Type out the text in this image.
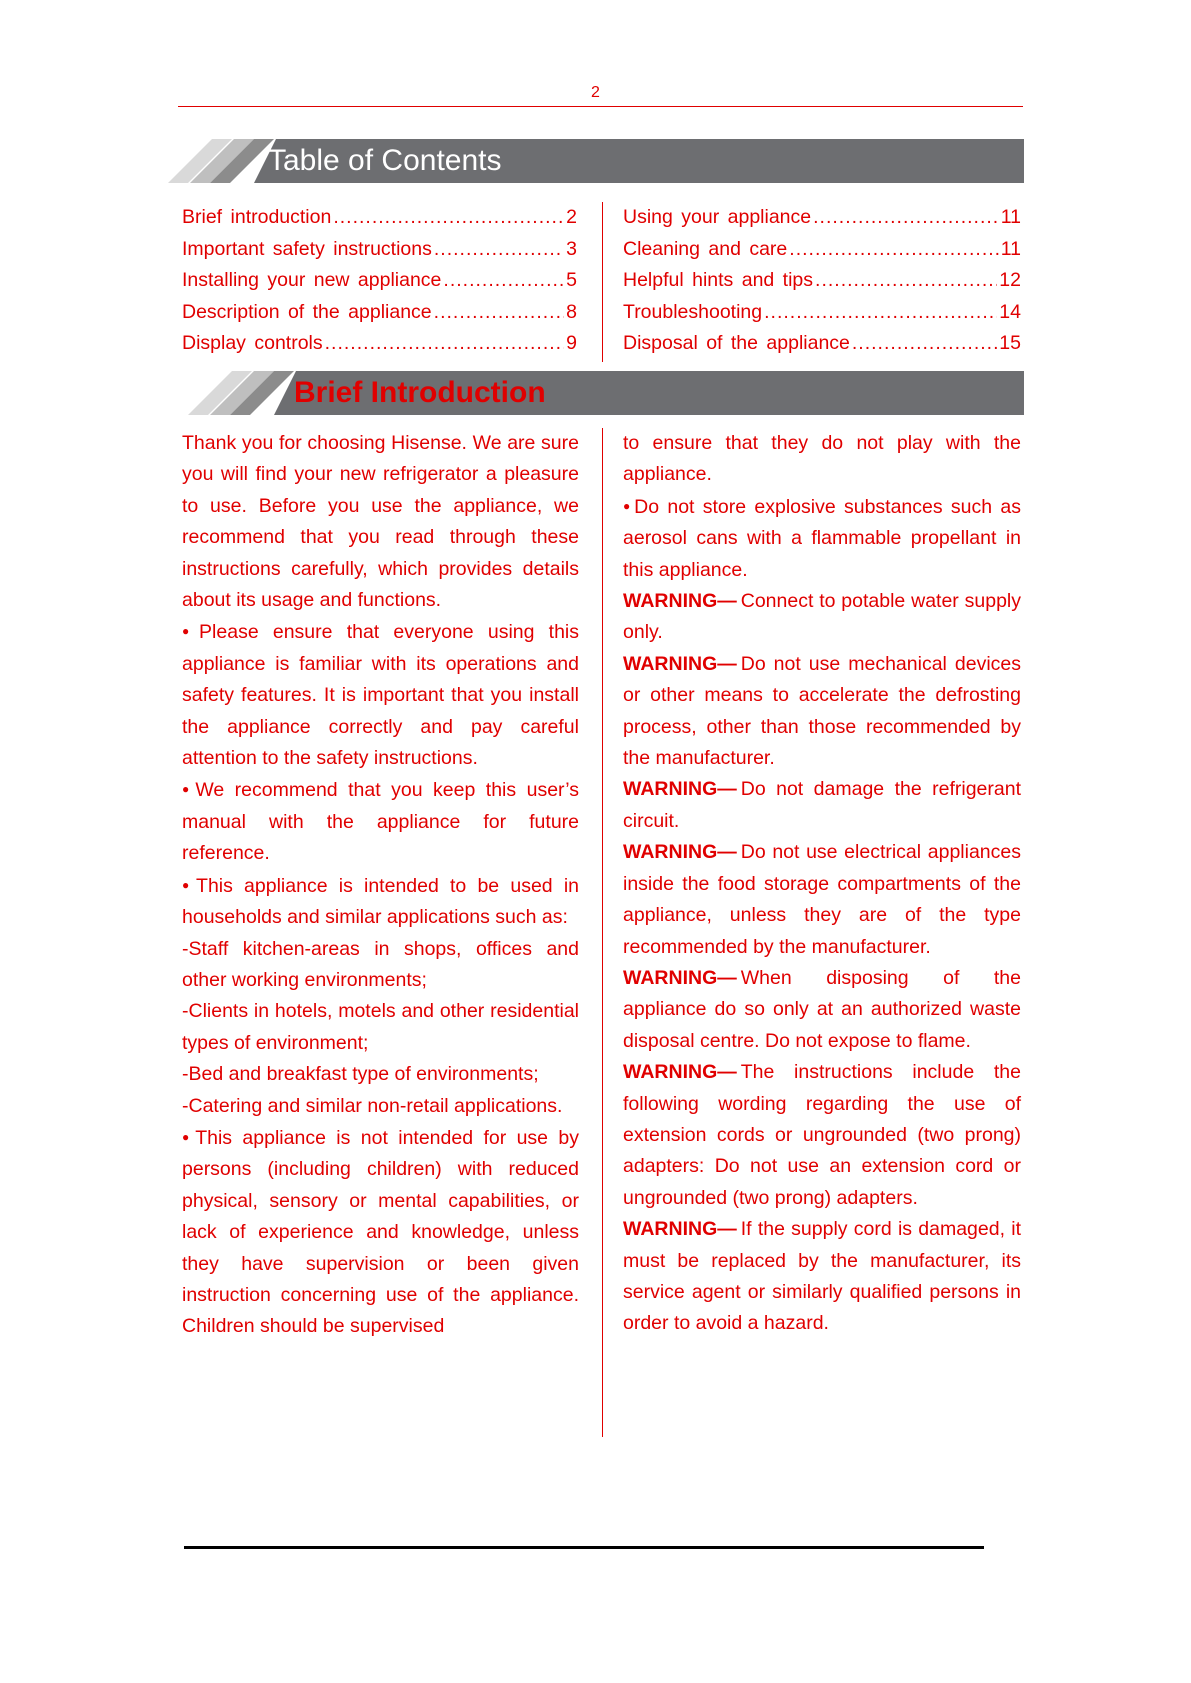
2
Table of Contents
Brief introduction .....	2
Important safety instructions .....	3
Installing your new appliance .....	5
Description of the appliance .....	8
Display controls .....	9
Using your appliance .....	11
Cleaning and care .....	11
Helpful hints and tips .....	12
Troubleshooting .....	14
Disposal of the appliance .....	15
Brief Introduction

Thank you for choosing Hisense. We are sure you will find your new refrigerator a pleasure to use. Before you use the appliance, we recommend that you read through these instructions carefully, which provides details about its usage and functions.

● Please ensure that everyone using this appliance is familiar with its operations and safety features. It is important that you install the appliance correctly and pay careful attention to the safety instructions.

● We recommend that you keep this user’s manual with the appliance for future reference.

● This appliance is intended to be used in households and similar applications such as:

-Staff kitchen-areas in shops, offices and other working environments;

-Clients in hotels, motels and other residential types of environment;

-Bed and breakfast type of environments;

-Catering and similar non-retail applications.

● This appliance is not intended for use by persons (including children) with reduced physical, sensory or mental capabilities, or lack of experience and knowledge, unless they have supervision or been given instruction concerning use of the appliance. Children should be supervised

to ensure that they do not play with the appliance.

● Do not store explosive substances such as aerosol cans with a flammable propellant in this appliance.

WARNING— Connect to potable water supply only.

WARNING— Do not use mechanical devices or other means to accelerate the defrosting process, other than those recommended by the manufacturer.

WARNING— Do not damage the refrigerant circuit.

WARNING— Do not use electrical appliances inside the food storage compartments of the appliance, unless they are of the type recommended by the manufacturer.

WARNING— When disposing of the appliance do so only at an authorized waste disposal centre. Do not expose to flame.

WARNING— The instructions include the following wording regarding the use of extension cords or ungrounded (two prong) adapters: Do not use an extension cord or ungrounded (two prong) adapters.

WARNING— If the supply cord is damaged, it must be replaced by the manufacturer, its service agent or similarly qualified persons in order to avoid a hazard.
